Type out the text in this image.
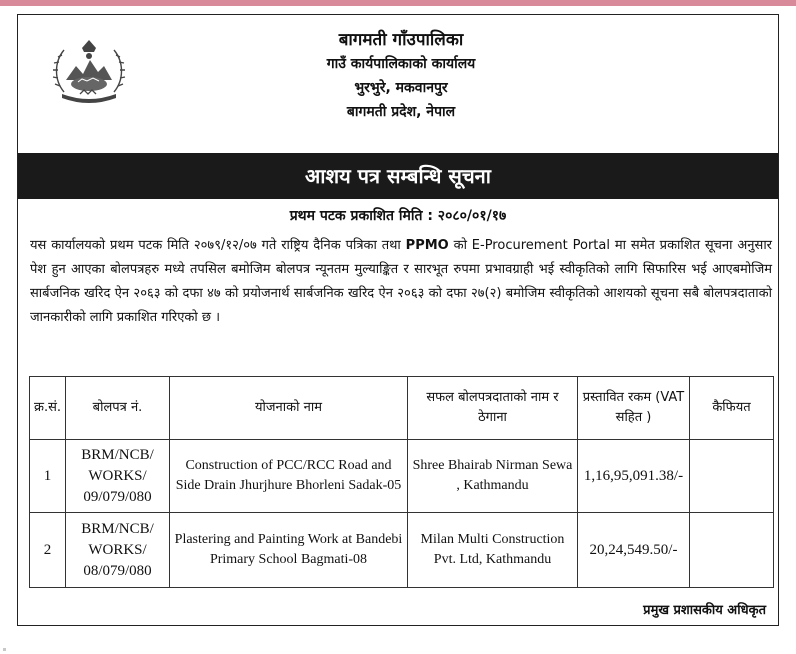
बागमती गाँउपालिका
गाउँ कार्यपालिकाको कार्यालय
भुरभुरे, मकवानपुर
बागमती प्रदेश, नेपाल
आशय पत्र सम्बन्धि सूचना
प्रथम पटक प्रकाशित मिति : २०८०/०१/१७
यस कार्यालयको प्रथम पटक मिति २०७९/१२/०७ गते राष्ट्रिय दैनिक पत्रिका तथा PPMO को E-Procurement Portal मा समेत प्रकाशित सूचना अनुसार पेश हुन आएका बोलपत्रहरु मध्ये तपसिल बमोजिम बोलपत्र न्यूनतम मुल्याङ्कित र सारभूत रुपमा प्रभावग्राही भई स्वीकृतिको लागि सिफारिस भई आएबमोजिम सार्बजनिक खरिद ऐन २०६३ को दफा ४७ को प्रयोजनार्थ सार्बजनिक खरिद ऐन २०६३ को दफा २७(२) बमोजिम स्वीकृतिको आशयको सूचना सबै बोलपत्रदाताको जानकारीको लागि प्रकाशित गरिएको छ ।
क्र.सं.	बोलपत्र नं.	योजनाको नाम	सफल बोलपत्रदाताको नाम र ठेगाना	प्रस्तावित रकम (VAT सहित )	कैफियत
1	BRM/NCB/ WORKS/ 09/079/080	Construction of PCC/RCC Road and Side Drain Jhurjhure Bhorleni Sadak-05	Shree Bhairab Nirman Sewa , Kathmandu	1,16,95,091.38/-	
2	BRM/NCB/ WORKS/ 08/079/080	Plastering and Painting Work at Bandebi Primary School Bagmati-08	Milan Multi Construction Pvt. Ltd, Kathmandu	20,24,549.50/-	
प्रमुख प्रशासकीय अधिकृत
